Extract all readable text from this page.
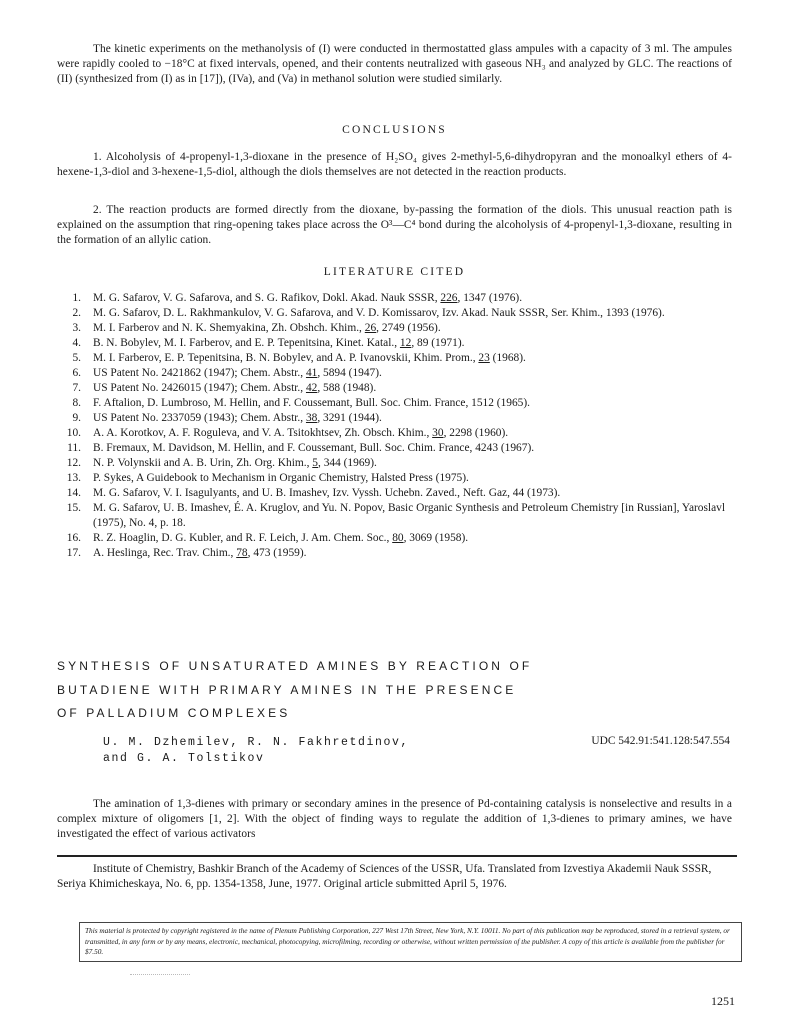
The kinetic experiments on the methanolysis of (I) were conducted in thermostatted glass ampules with a capacity of 3 ml. The ampules were rapidly cooled to −18°C at fixed intervals, opened, and their contents neutralized with gaseous NH₃ and analyzed by GLC. The reactions of (II) (synthesized from (I) as in [17]), (IVa), and (Va) in methanol solution were studied similarly.
CONCLUSIONS
1. Alcoholysis of 4-propenyl-1,3-dioxane in the presence of H₂SO₄ gives 2-methyl-5,6-dihydropyran and the monoalkyl ethers of 4-hexene-1,3-diol and 3-hexene-1,5-diol, although the diols themselves are not detected in the reaction products.
2. The reaction products are formed directly from the dioxane, by-passing the formation of the diols. This unusual reaction path is explained on the assumption that ring-opening takes place across the O³—C⁴ bond during the alcoholysis of 4-propenyl-1,3-dioxane, resulting in the formation of an allylic cation.
LITERATURE CITED
1. M. G. Safarov, V. G. Safarova, and S. G. Rafikov, Dokl. Akad. Nauk SSSR, 226, 1347 (1976).
2. M. G. Safarov, D. L. Rakhmankulov, V. G. Safarova, and V. D. Komissarov, Izv. Akad. Nauk SSSR, Ser. Khim., 1393 (1976).
3. M. I. Farberov and N. K. Shemyakina, Zh. Obshch. Khim., 26, 2749 (1956).
4. B. N. Bobylev, M. I. Farberov, and E. P. Tepenitsina, Kinet. Katal., 12, 89 (1971).
5. M. I. Farberov, E. P. Tepenitsina, B. N. Bobylev, and A. P. Ivanovskii, Khim. Prom., 23 (1968).
6. US Patent No. 2421862 (1947); Chem. Abstr., 41, 5894 (1947).
7. US Patent No. 2426015 (1947); Chem. Abstr., 42, 588 (1948).
8. F. Aftalion, D. Lumbroso, M. Hellin, and F. Coussemant, Bull. Soc. Chim. France, 1512 (1965).
9. US Patent No. 2337059 (1943); Chem. Abstr., 38, 3291 (1944).
10. A. A. Korotkov, A. F. Roguleva, and V. A. Tsitokhtsev, Zh. Obsch. Khim., 30, 2298 (1960).
11. B. Fremaux, M. Davidson, M. Hellin, and F. Coussemant, Bull. Soc. Chim. France, 4243 (1967).
12. N. P. Volynskii and A. B. Urin, Zh. Org. Khim., 5, 344 (1969).
13. P. Sykes, A Guidebook to Mechanism in Organic Chemistry, Halsted Press (1975).
14. M. G. Safarov, V. I. Isagulyants, and U. B. Imashev, Izv. Vyssh. Uchebn. Zaved., Neft. Gaz, 44 (1973).
15. M. G. Safarov, U. B. Imashev, É. A. Kruglov, and Yu. N. Popov, Basic Organic Synthesis and Petroleum Chemistry [in Russian], Yaroslavl (1975), No. 4, p. 18.
16. R. Z. Hoaglin, D. G. Kubler, and R. F. Leich, J. Am. Chem. Soc., 80, 3069 (1958).
17. A. Heslinga, Rec. Trav. Chim., 78, 473 (1959).
SYNTHESIS OF UNSATURATED AMINES BY REACTION OF
BUTADIENE WITH PRIMARY AMINES IN THE PRESENCE
OF PALLADIUM COMPLEXES
U. M. Dzhemilev, R. N. Fakhretdinov,
and G. A. Tolstikov
UDC 542.91:541.128:547.554
The amination of 1,3-dienes with primary or secondary amines in the presence of Pd-containing catalysis is nonselective and results in a complex mixture of oligomers [1, 2]. With the object of finding ways to regulate the addition of 1,3-dienes to primary amines, we have investigated the effect of various activators
Institute of Chemistry, Bashkir Branch of the Academy of Sciences of the USSR, Ufa. Translated from Izvestiya Akademii Nauk SSSR, Seriya Khimicheskaya, No. 6, pp. 1354-1358, June, 1977. Original article submitted April 5, 1976.
This material is protected by copyright registered in the name of Plenum Publishing Corporation, 227 West 17th Street, New York, N.Y. 10011. No part of this publication may be reproduced, stored in a retrieval system, or transmitted, in any form or by any means, electronic, mechanical, photocopying, microfilming, recording or otherwise, without written permission of the publisher. A copy of this article is available from the publisher for $7.50.
1251
